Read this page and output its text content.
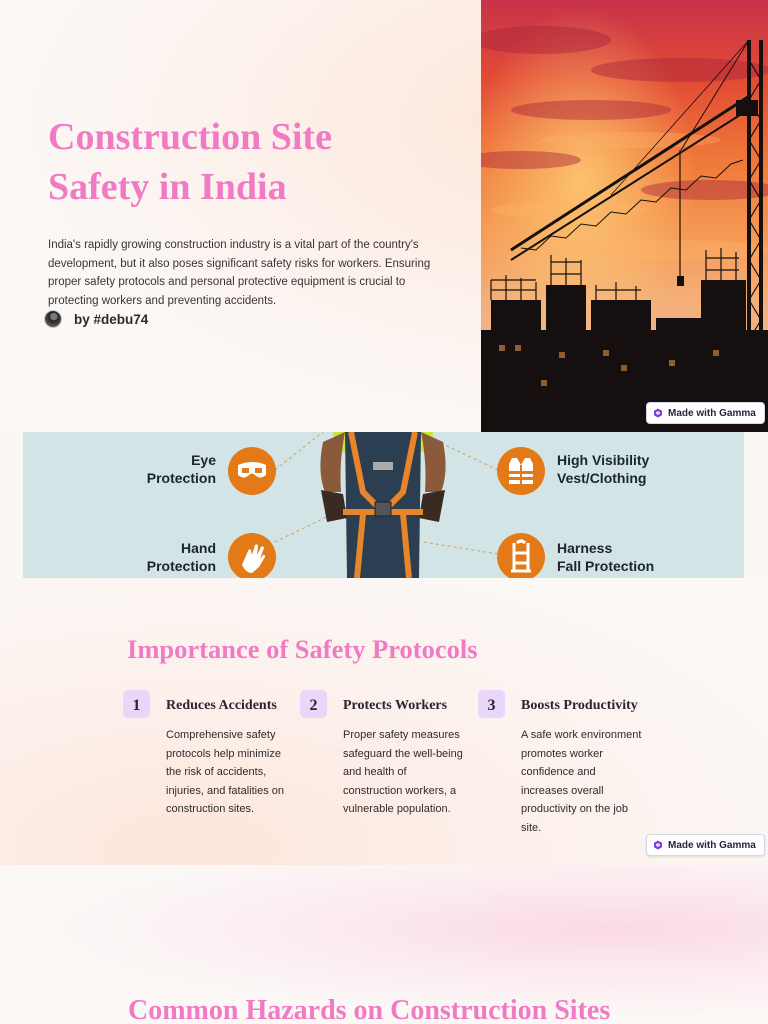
Construction Site
Safety in India

India's rapidly growing construction industry is a vital part of the country's development, but it also poses significant safety risks for workers. Ensuring proper safety protocols and personal protective equipment is crucial to protecting workers and preventing accidents.

by #debu74
Made with Gamma
Eye
Protection
Hand
Protection
High Visibility
Vest/Clothing
Harness
Fall Protection
Importance of Safety Protocols
1	Reduces Accidents

Comprehensive safety protocols help minimize the risk of accidents, injuries, and fatalities on construction sites.

2	Protects Workers

Proper safety measures safeguard the well-being and health of construction workers, a vulnerable population.

3	Boosts Productivity

A safe work environment promotes worker confidence and increases overall productivity on the job site.

Made with Gamma
Common Hazards on Construction Sites
